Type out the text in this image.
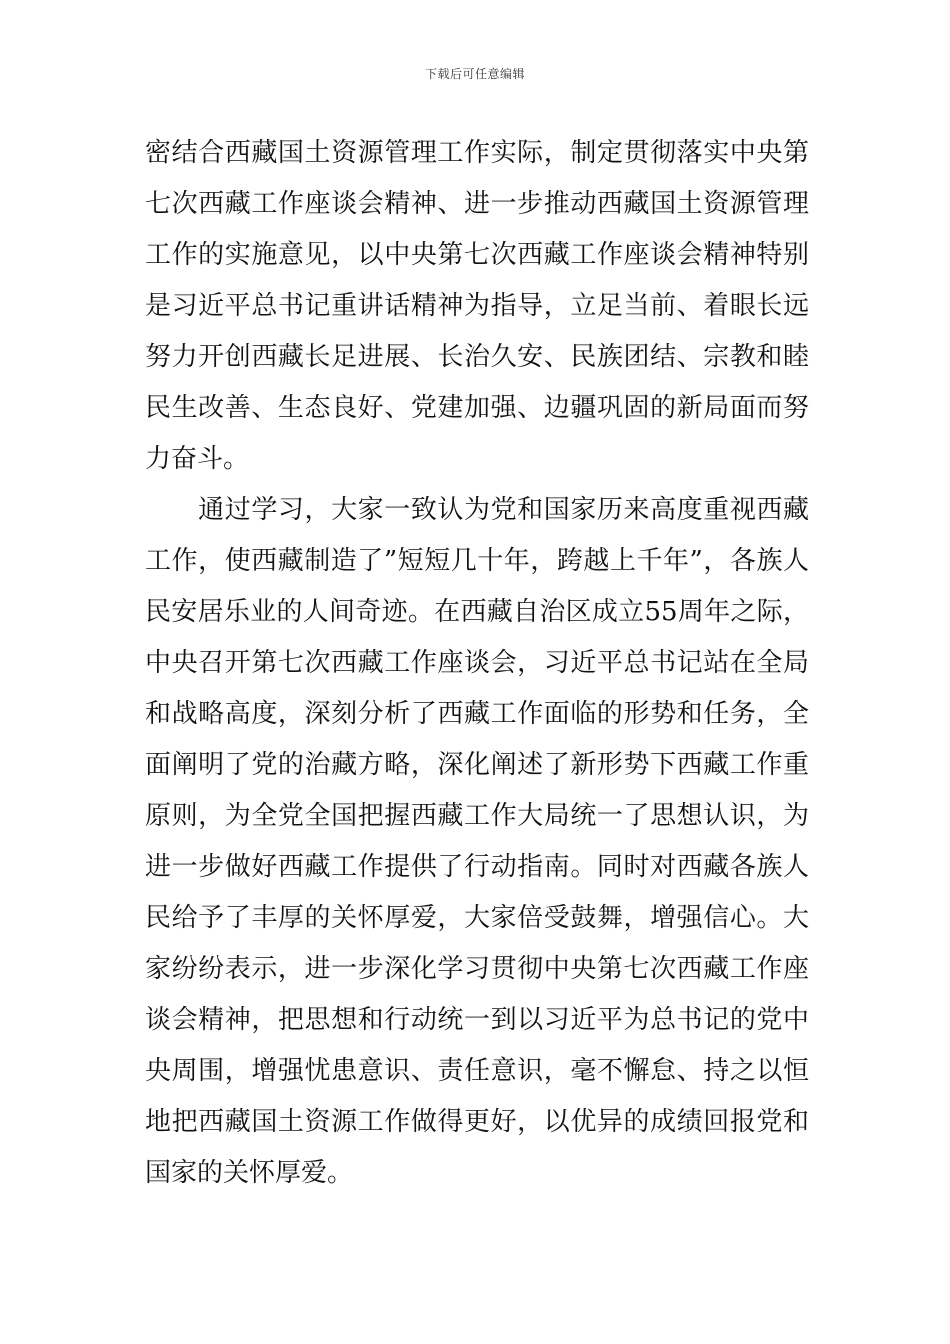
下载后可任意编辑
密结合西藏国土资源管理工作实际，制定贯彻落实中央第
七次西藏工作座谈会精神、进一步推动西藏国土资源管理
工作的实施意见，以中央第七次西藏工作座谈会精神特别
是习近平总书记重讲话精神为指导，立足当前、着眼长远
努力开创西藏长足进展、长治久安、民族团结、宗教和睦
民生改善、生态良好、党建加强、边疆巩固的新局面而努
力奋斗。
　　通过学习，大家一致认为党和国家历来高度重视西藏
工作，使西藏制造了”短短几十年，跨越上千年”，各族人
民安居乐业的人间奇迹。在西藏自治区成立55周年之际，
中央召开第七次西藏工作座谈会，习近平总书记站在全局
和战略高度，深刻分析了西藏工作面临的形势和任务，全
面阐明了党的治藏方略，深化阐述了新形势下西藏工作重
原则，为全党全国把握西藏工作大局统一了思想认识，为
进一步做好西藏工作提供了行动指南。同时对西藏各族人
民给予了丰厚的关怀厚爱，大家倍受鼓舞，增强信心。大
家纷纷表示，进一步深化学习贯彻中央第七次西藏工作座
谈会精神，把思想和行动统一到以习近平为总书记的党中
央周围，增强忧患意识、责任意识，毫不懈怠、持之以恒
地把西藏国土资源工作做得更好，以优异的成绩回报党和
国家的关怀厚爱。
